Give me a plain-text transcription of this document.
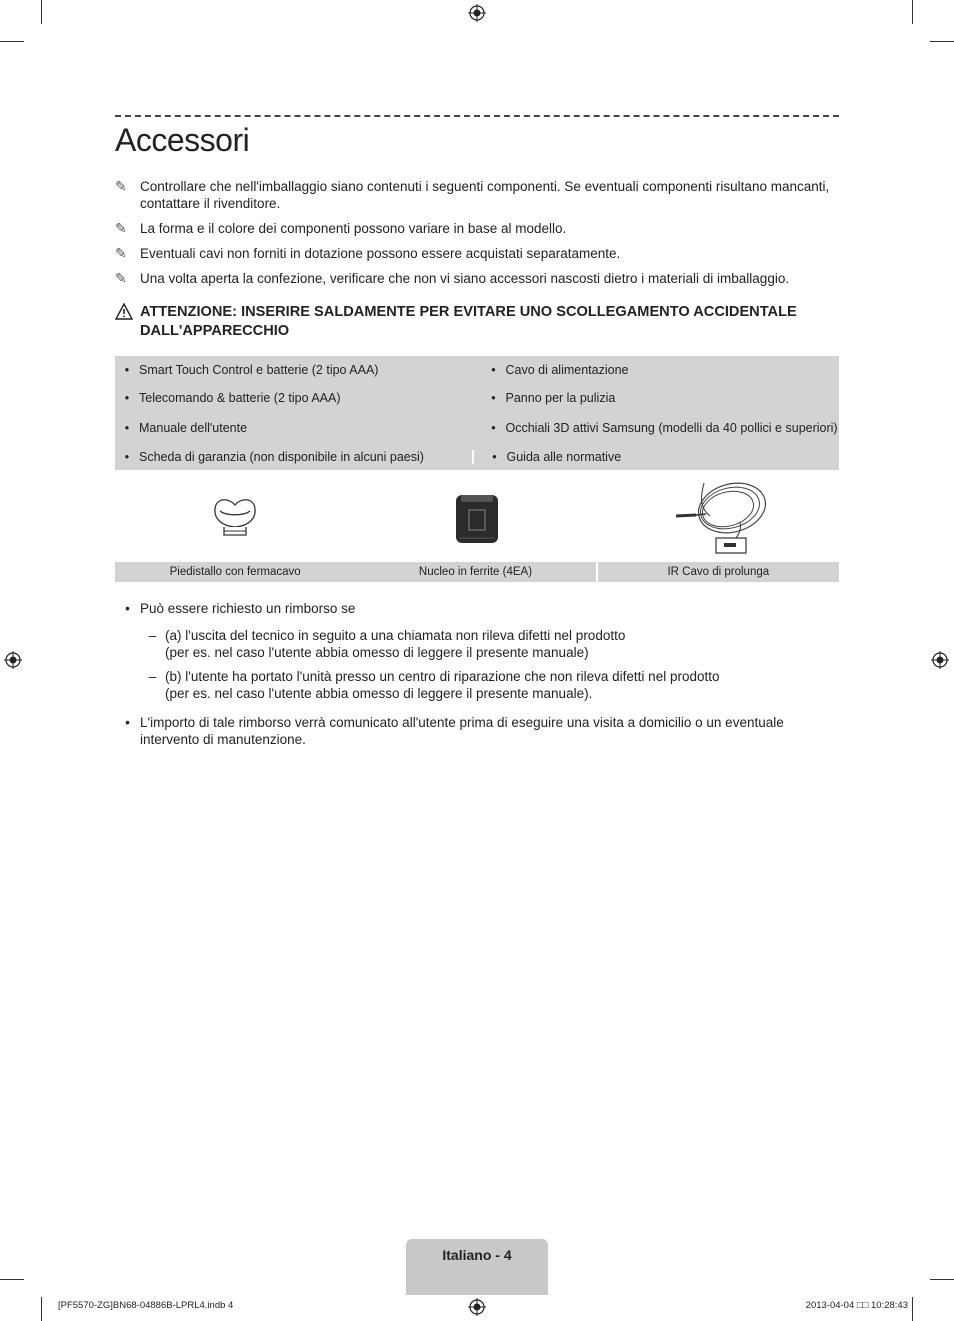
Accessori
✎ Controllare che nell'imballaggio siano contenuti i seguenti componenti. Se eventuali componenti risultano mancanti, contattare il rivenditore.
✎ La forma e il colore dei componenti possono variare in base al modello.
✎ Eventuali cavi non forniti in dotazione possono essere acquistati separatamente.
✎ Una volta aperta la confezione, verificare che non vi siano accessori nascosti dietro i materiali di imballaggio.
ATTENZIONE: INSERIRE SALDAMENTE PER EVITARE UNO SCOLLEGAMENTO ACCIDENTALE DALL'APPARECCHIO
• Smart Touch Control e batterie (2 tipo AAA)	• Cavo di alimentazione
• Telecomando & batterie (2 tipo AAA)	• Panno per la pulizia
• Manuale dell'utente	• Occhiali 3D attivi Samsung (modelli da 40 pollici e superiori)
• Scheda di garanzia (non disponibile in alcuni paesi)	• Guida alle normative
Piedistallo con fermacavo	Nucleo in ferrite (4EA)	IR Cavo di prolunga
• Può essere richiesto un rimborso se
– (a) l'uscita del tecnico in seguito a una chiamata non rileva difetti nel prodotto
(per es. nel caso l'utente abbia omesso di leggere il presente manuale)
– (b) l'utente ha portato l'unità presso un centro di riparazione che non rileva difetti nel prodotto
(per es. nel caso l'utente abbia omesso di leggere il presente manuale).
• L'importo di tale rimborso verrà comunicato all'utente prima di eseguire una visita a domicilio o un eventuale intervento di manutenzione.
Italiano - 4
[PF5570-ZG]BN68-04886B-LPRL4.indb 4	2013-04-04 □□ 10:28:43
